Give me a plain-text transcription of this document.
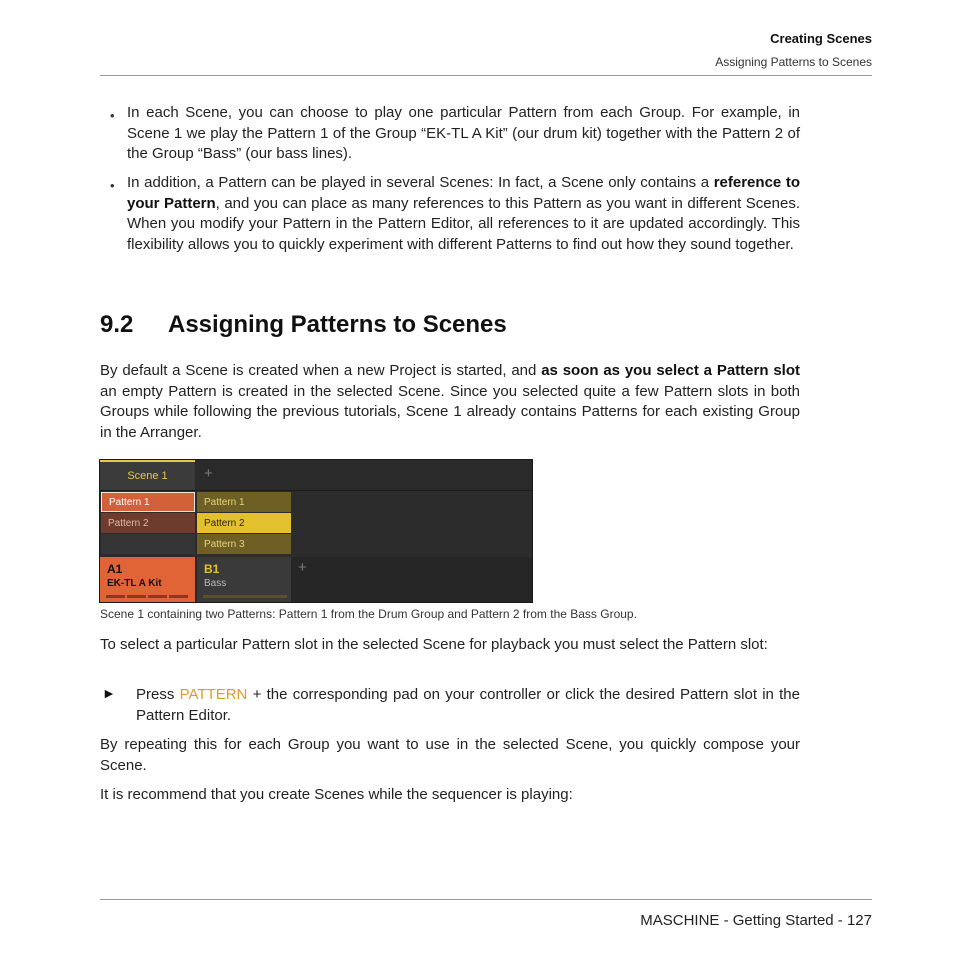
Creating Scenes
Assigning Patterns to Scenes
• In each Scene, you can choose to play one particular Pattern from each Group. For example, in Scene 1 we play the Pattern 1 of the Group “EK-TL A Kit” (our drum kit) together with the Pattern 2 of the Group “Bass” (our bass lines).
• In addition, a Pattern can be played in several Scenes: In fact, a Scene only contains a reference to your Pattern, and you can place as many references to this Pattern as you want in different Scenes. When you modify your Pattern in the Pattern Editor, all references to it are updated accordingly. This flexibility allows you to quickly experiment with different Patterns to find out how they sound together.
9.2 Assigning Patterns to Scenes
By default a Scene is created when a new Project is started, and as soon as you select a Pattern slot an empty Pattern is created in the selected Scene. Since you selected quite a few Pattern slots in both Groups while following the previous tutorials, Scene 1 already contains Patterns for each existing Group in the Arranger.
Scene 1	+
Pattern 1
Pattern 2
Pattern 1
Pattern 2
Pattern 3
A1
EK-TL A Kit
B1
Bass
+
Scene 1 containing two Patterns: Pattern 1 from the Drum Group and Pattern 2 from the Bass Group.
To select a particular Pattern slot in the selected Scene for playback you must select the Pattern slot:
► Press PATTERN + the corresponding pad on your controller or click the desired Pattern slot in the Pattern Editor.
By repeating this for each Group you want to use in the selected Scene, you quickly compose your Scene.
It is recommend that you create Scenes while the sequencer is playing:
MASCHINE - Getting Started - 127
